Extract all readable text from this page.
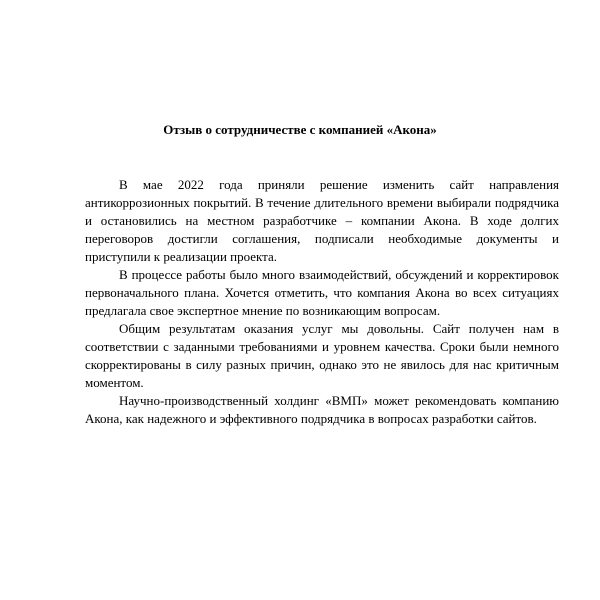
Отзыв о сотрудничестве с компанией «Акона»

В мае 2022 года приняли решение изменить сайт направления антикоррозионных покрытий. В течение длительного времени выбирали подрядчика и остановились на местном разработчике – компании Акона. В ходе долгих переговоров достигли соглашения, подписали необходимые документы и приступили к реализации проекта.

В процессе работы было много взаимодействий, обсуждений и корректировок первоначального плана. Хочется отметить, что компания Акона во всех ситуациях предлагала свое экспертное мнение по возникающим вопросам.

Общим результатам оказания услуг мы довольны. Сайт получен нам в соответствии с заданными требованиями и уровнем качества. Сроки были немного скорректированы в силу разных причин, однако это не явилось для нас критичным моментом.

Научно-производственный холдинг «ВМП» может рекомендовать компанию Акона, как надежного и эффективного подрядчика в вопросах разработки сайтов.
